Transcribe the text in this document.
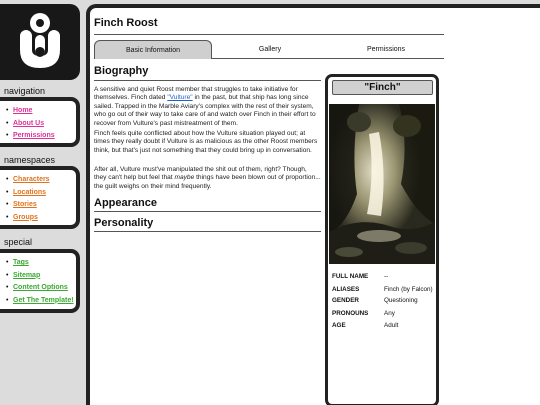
navigation
• Home
• About Us
• Permissions
namespaces
• Characters
• Locations
• Stories
• Groups
special
• Tags
• Sitemap
• Content Options
• Get The Template!
Finch Roost
Basic Information	Gallery	Permissions
Biography
A sensitive and quiet Roost member that struggles to take initiative for themselves. Finch dated "Vulture" in the past, but that ship has long since sailed. Trapped in the Marble Aviary's complex with the rest of their system, who go out of their way to take care of and watch over Finch in their effort to recover from Vulture's past mistreatment of them.
Finch feels quite conflicted about how the Vulture situation played out; at times they really doubt if Vulture is as malicious as the other Roost members think, but that's just not something that they could bring up in conversation.
After all, Vulture must've manipulated the shit out of them, right? Though, they can't help but feel that maybe things have been blown out of proportion... the guilt weighs on their mind frequently.
Appearance
Personality
"Finch"
FULL NAME	--
ALIASES	Finch (by Falcon)
GENDER	Questioning
PRONOUNS	Any
AGE	Adult
